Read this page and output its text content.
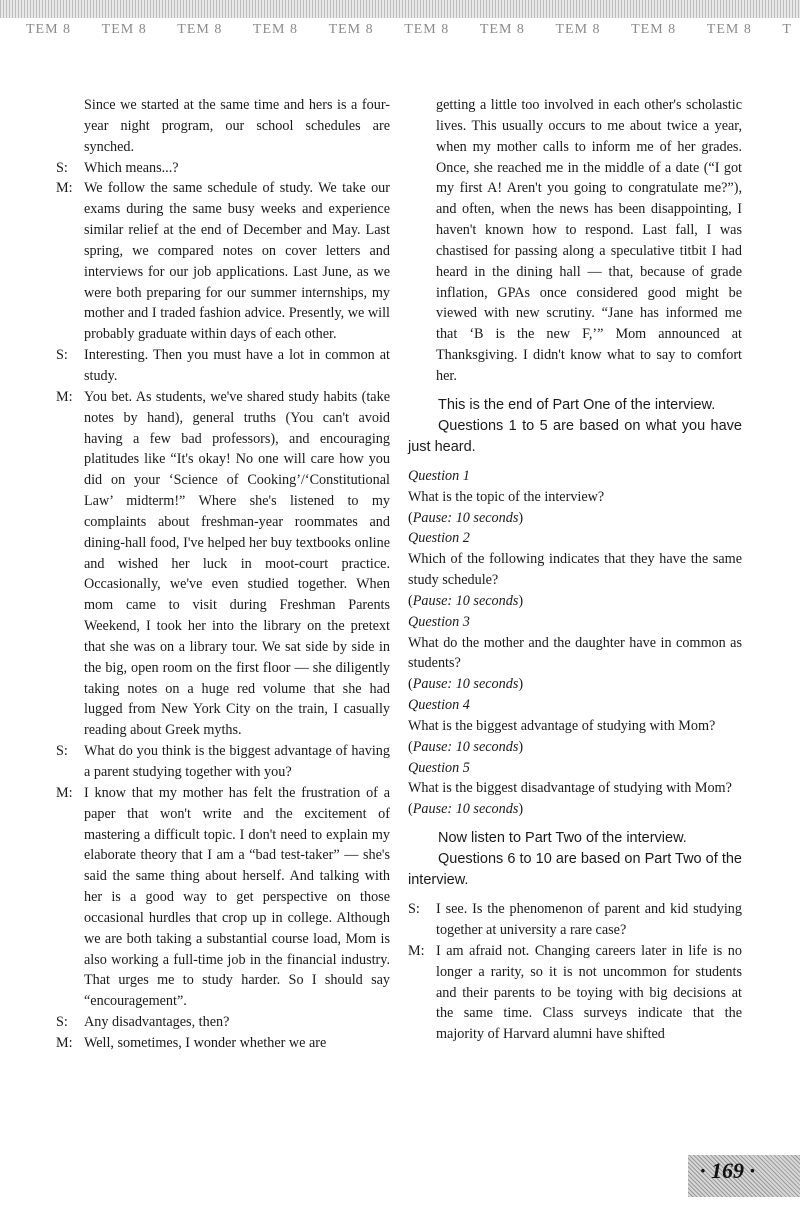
TEM 8 TEM 8 TEM 8 TEM 8 TEM 8 TEM 8 TEM 8 TEM 8 TEM 8 TEM 8 T
Since we started at the same time and hers is a four-year night program, our school schedules are synched.
S:	Which means...?
M: We follow the same schedule of study. We take our exams during the same busy weeks and experience similar relief at the end of December and May. Last spring, we compared notes on cover letters and interviews for our job applications. Last June, as we were both preparing for our summer internships, my mother and I traded fashion advice. Presently, we will probably graduate within days of each other.
S:	Interesting. Then you must have a lot in common at study.
M: You bet. As students, we've shared study habits (take notes by hand), general truths (You can't avoid having a few bad professors), and encouraging platitudes like “It's okay! No one will care how you did on your ‘Science of Cooking’/‘Constitutional Law’ midterm!” Where she's listened to my complaints about freshman-year roommates and dining-hall food, I've helped her buy textbooks online and wished her luck in moot-court practice. Occasionally, we've even studied together. When mom came to visit during Freshman Parents Weekend, I took her into the library on the pretext that she was on a library tour. We sat side by side in the big, open room on the first floor — she diligently taking notes on a huge red volume that she had lugged from New York City on the train, I casually reading about Greek myths.
S:	What do you think is the biggest advantage of having a parent studying together with you?
M: I know that my mother has felt the frustration of a paper that won't write and the excitement of mastering a difficult topic. I don't need to explain my elaborate theory that I am a “bad test-taker” — she's said the same thing about herself. And talking with her is a good way to get perspective on those occasional hurdles that crop up in college. Although we are both taking a substantial course load, Mom is also working a full-time job in the financial industry. That urges me to study harder. So I should say “encouragement”.
S:	Any disadvantages, then?
M: Well, sometimes, I wonder whether we are
getting a little too involved in each other's scholastic lives. This usually occurs to me about twice a year, when my mother calls to inform me of her grades. Once, she reached me in the middle of a date (“I got my first A! Aren't you going to congratulate me?”), and often, when the news has been disappointing, I haven't known how to respond. Last fall, I was chastised for passing along a speculative titbit I had heard in the dining hall — that, because of grade inflation, GPAs once considered good might be viewed with new scrutiny. “Jane has informed me that ‘B is the new F,’” Mom announced at Thanksgiving. I didn't know what to say to comfort her.
This is the end of Part One of the interview.
Questions 1 to 5 are based on what you have just heard.
Question 1
What is the topic of the interview?
(Pause: 10 seconds)
Question 2
Which of the following indicates that they have the same study schedule?
(Pause: 10 seconds)
Question 3
What do the mother and the daughter have in common as students?
(Pause: 10 seconds)
Question 4
What is the biggest advantage of studying with Mom?
(Pause: 10 seconds)
Question 5
What is the biggest disadvantage of studying with Mom?
(Pause: 10 seconds)
Now listen to Part Two of the interview.
Questions 6 to 10 are based on Part Two of the interview.
S:	I see. Is the phenomenon of parent and kid studying together at university a rare case?
M: I am afraid not. Changing careers later in life is no longer a rarity, so it is not uncommon for students and their parents to be toying with big decisions at the same time. Class surveys indicate that the majority of Harvard alumni have shifted
· 169 ·
